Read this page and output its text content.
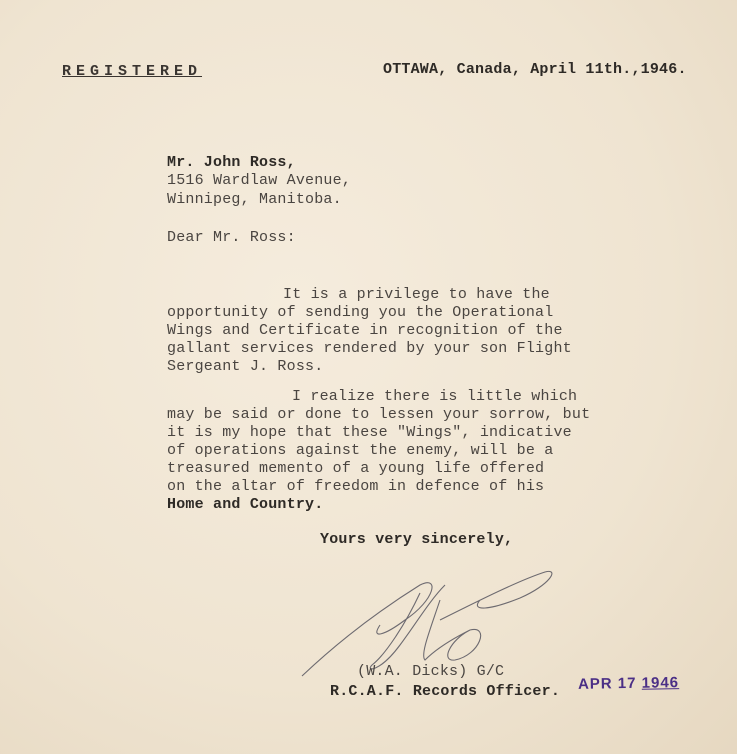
REGISTERED	OTTAWA, Canada, April 11th.,1946.
Mr. John Ross,
1516 Wardlaw Avenue,
Winnipeg, Manitoba.
Dear Mr. Ross:
It is a privilege to have the
opportunity of sending you the Operational
Wings and Certificate in recognition of the
gallant services rendered by your son Flight
Sergeant J. Ross.
I realize there is little which
may be said or done to lessen your sorrow, but
it is my hope that these "Wings", indicative
of operations against the enemy, will be a
treasured memento of a young life offered
on the altar of freedom in defence of his
Home and Country.
Yours very sincerely,
(W.A. Dicks) G/C
R.C.A.F. Records Officer. APR 17 1946
